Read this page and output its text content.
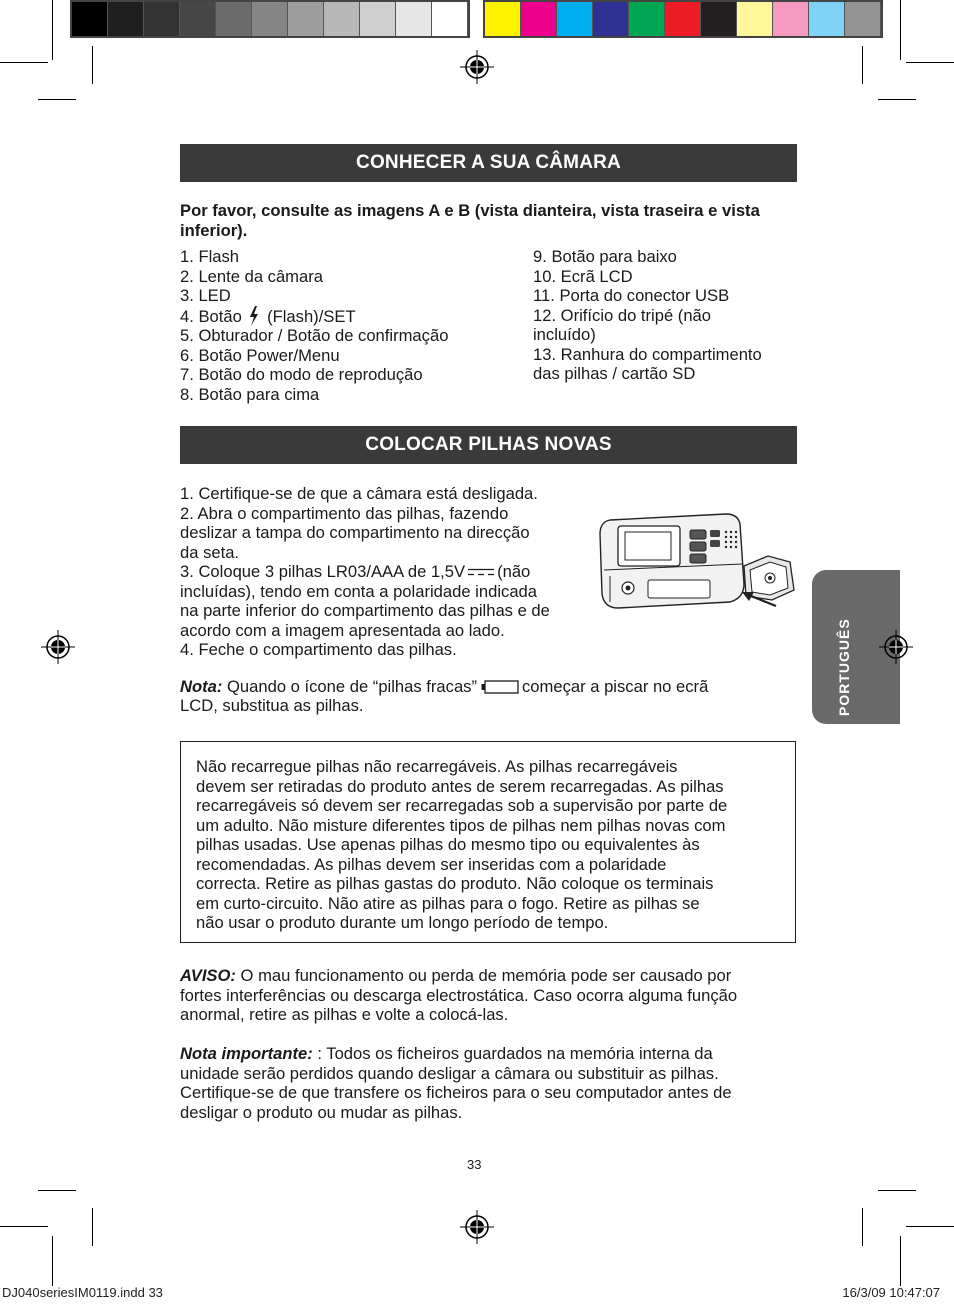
PORTUGUÊS
CONHECER A SUA CÂMARA
Por favor, consulte as imagens A e B (vista dianteira, vista traseira e vista inferior).
1. Flash
2. Lente da câmara
3. LED
4. Botão (Flash)/SET
5. Obturador / Botão de confirmação
6. Botão Power/Menu
7. Botão do modo de reprodução
8. Botão para cima
9. Botão para baixo
10. Ecrã LCD
11. Porta do conector USB
12. Orifício do tripé (não
incluído)
13. Ranhura do compartimento
das pilhas / cartão SD
COLOCAR PILHAS NOVAS
1. Certifique-se de que a câmara está desligada.
2. Abra o compartimento das pilhas, fazendo
deslizar a tampa do compartimento na direcção
da seta.
3. Coloque 3 pilhas LR03/AAA de 1,5V (não
incluídas), tendo em conta a polaridade indicada
na parte inferior do compartimento das pilhas e de
acordo com a imagem apresentada ao lado.
4. Feche o compartimento das pilhas.
Nota: Quando o ícone de “pilhas fracas”	começar a piscar no ecrã
LCD, substitua as pilhas.
Não recarregue pilhas não recarregáveis. As pilhas recarregáveis
devem ser retiradas do produto antes de serem recarregadas. As pilhas
recarregáveis só devem ser recarregadas sob a supervisão por parte de
um adulto. Não misture diferentes tipos de pilhas nem pilhas novas com
pilhas usadas. Use apenas pilhas do mesmo tipo ou equivalentes às
recomendadas. As pilhas devem ser inseridas com a polaridade
correcta. Retire as pilhas gastas do produto. Não coloque os terminais
em curto-circuito. Não atire as pilhas para o fogo. Retire as pilhas se
não usar o produto durante um longo período de tempo.
AVISO: O mau funcionamento ou perda de memória pode ser causado por
fortes interferências ou descarga electrostática. Caso ocorra alguma função
anormal, retire as pilhas e volte a colocá-las.
Nota importante: : Todos os ficheiros guardados na memória interna da
unidade serão perdidos quando desligar a câmara ou substituir as pilhas.
Certifique-se de que transfere os ficheiros para o seu computador antes de
desligar o produto ou mudar as pilhas.
33
DJ040seriesIM0119.indd 33	16/3/09 10:47:07
